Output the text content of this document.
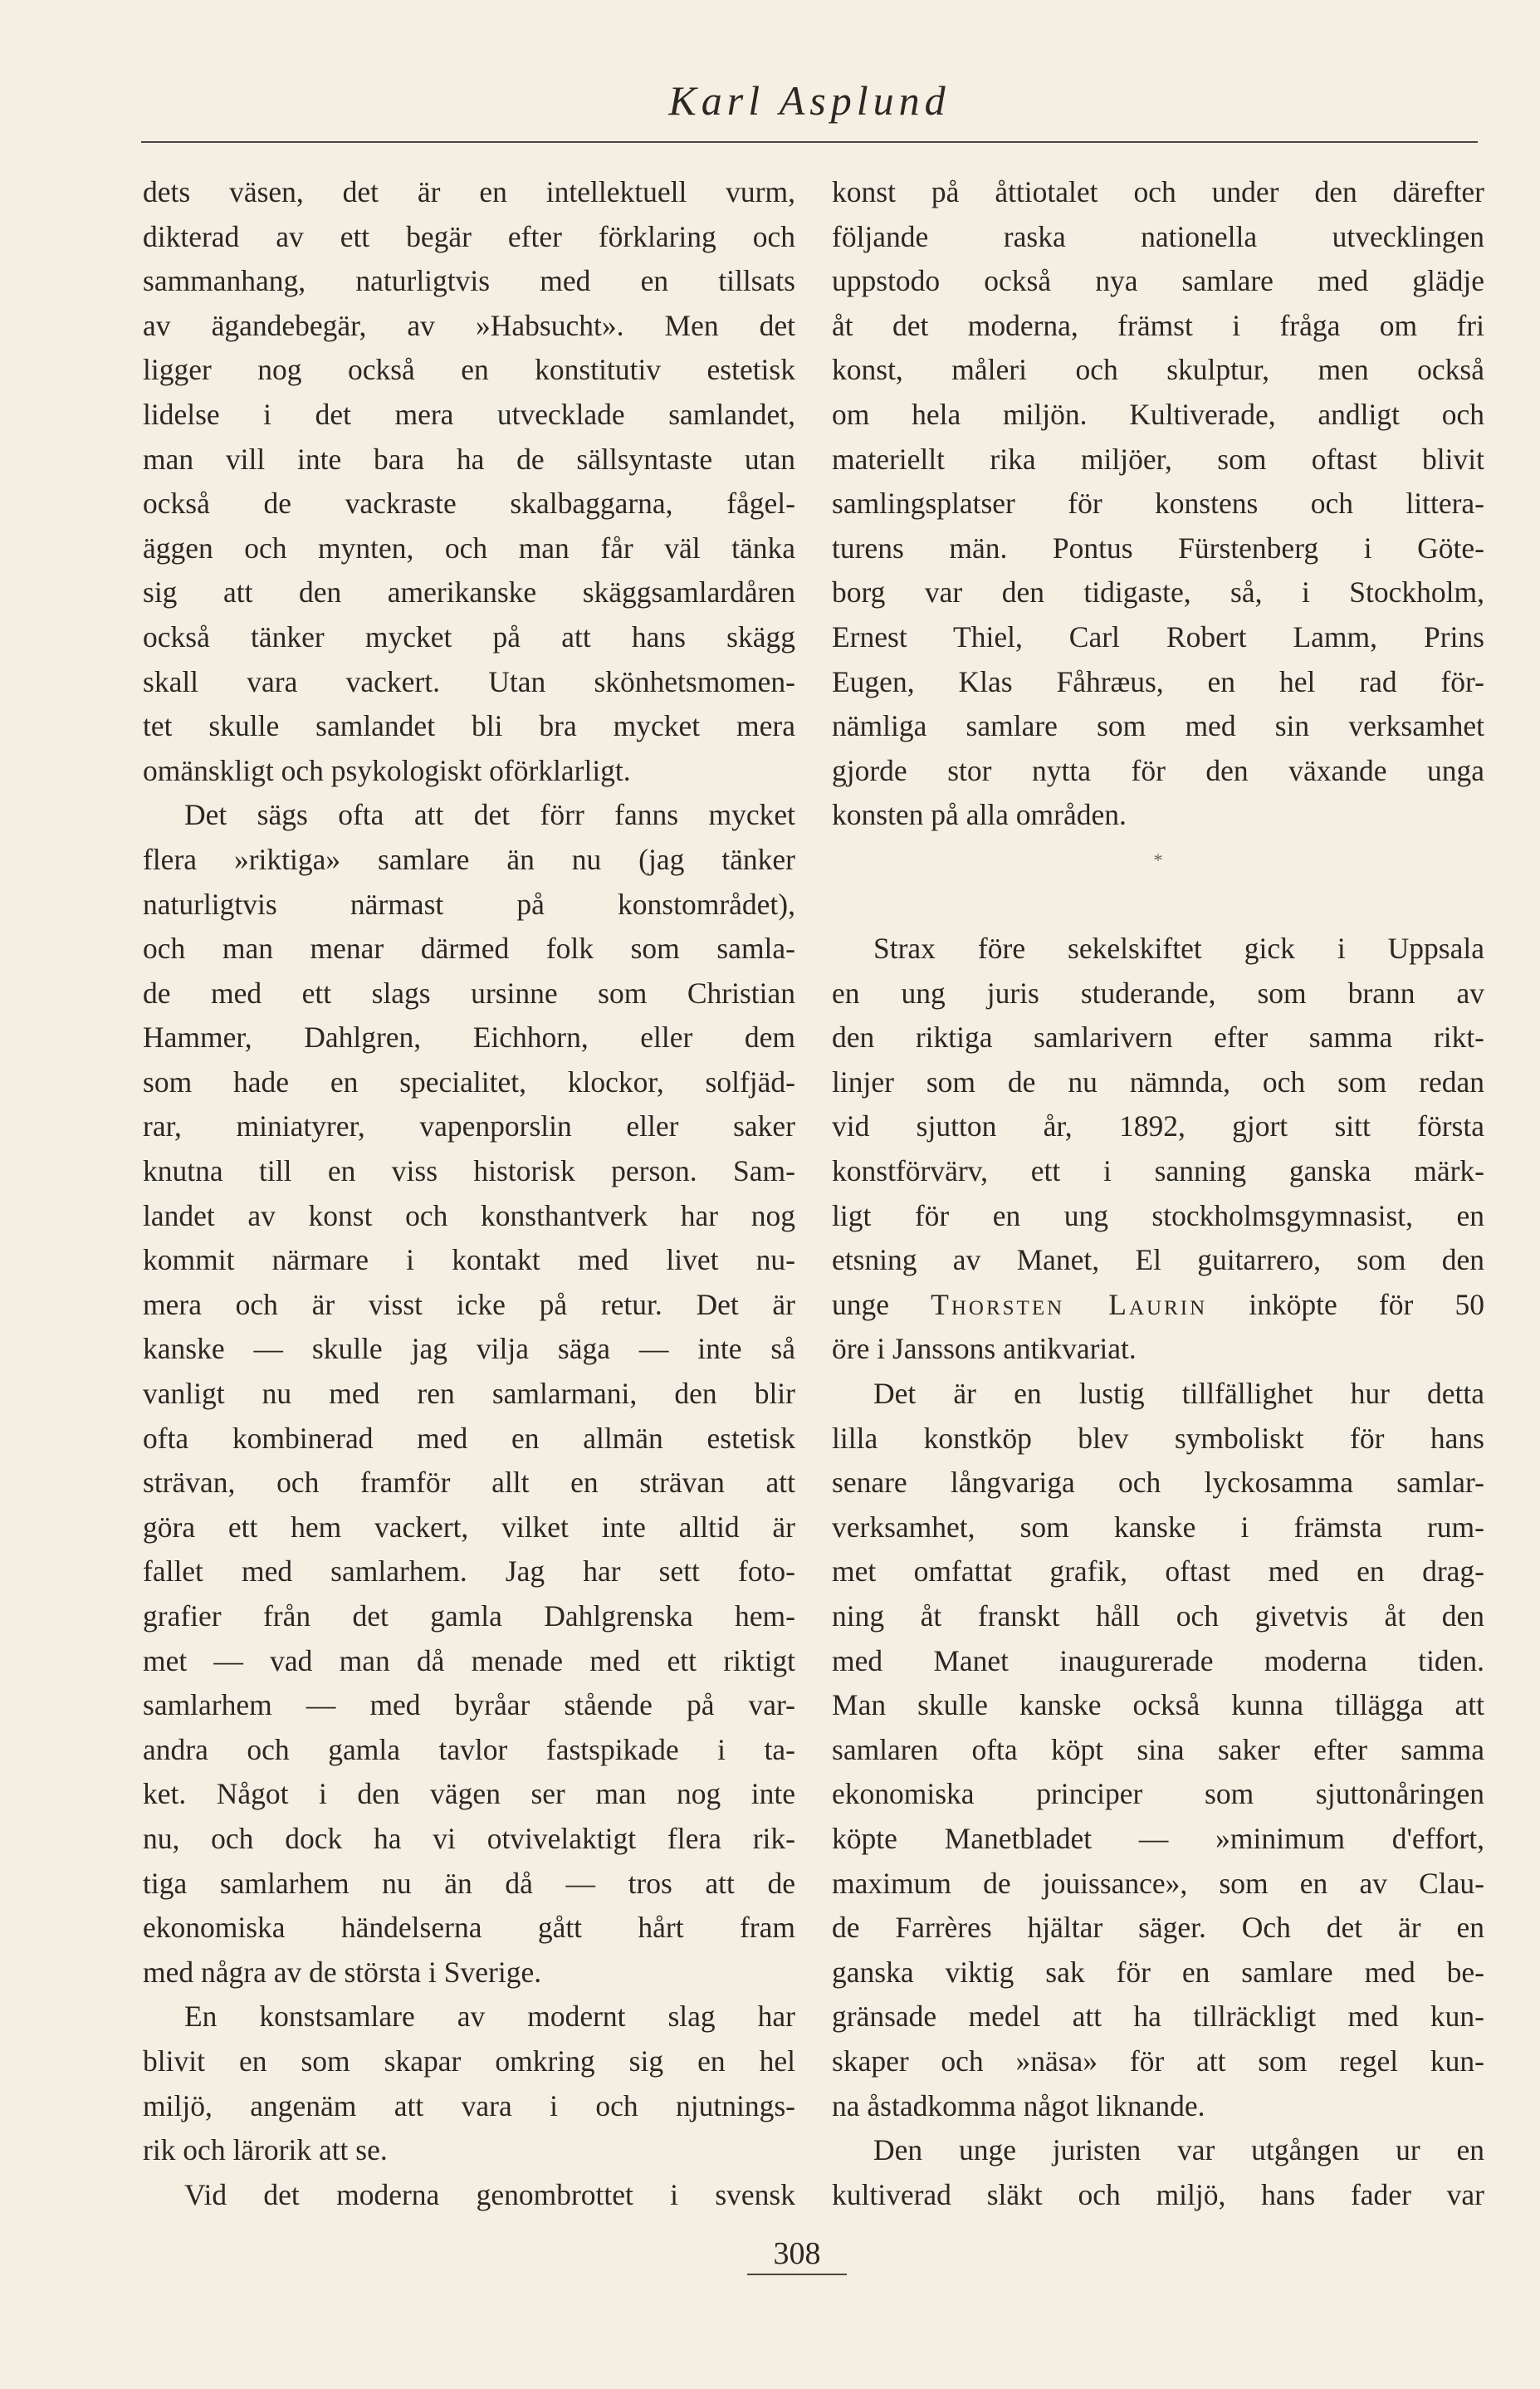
Karl Asplund
dets väsen, det är en intellektuell vurm,
dikterad av ett begär efter förklaring och
sammanhang, naturligtvis med en tillsats
av ägandebegär, av »Habsucht». Men det
ligger nog också en konstitutiv estetisk
lidelse i det mera utvecklade samlandet,
man vill inte bara ha de sällsyntaste utan
också de vackraste skalbaggarna, fågel-
äggen och mynten, och man får väl tänka
sig att den amerikanske skäggsamlardåren
också tänker mycket på att hans skägg
skall vara vackert. Utan skönhetsmomen-
tet skulle samlandet bli bra mycket mera
omänskligt och psykologiskt oförklarligt.
Det sägs ofta att det förr fanns mycket
flera »riktiga» samlare än nu (jag tänker
naturligtvis närmast på konstområdet),
och man menar därmed folk som samla-
de med ett slags ursinne som Christian
Hammer, Dahlgren, Eichhorn, eller dem
som hade en specialitet, klockor, solfjäd-
rar, miniatyrer, vapenporslin eller saker
knutna till en viss historisk person. Sam-
landet av konst och konsthantverk har nog
kommit närmare i kontakt med livet nu-
mera och är visst icke på retur. Det är
kanske — skulle jag vilja säga — inte så
vanligt nu med ren samlarmani, den blir
ofta kombinerad med en allmän estetisk
strävan, och framför allt en strävan att
göra ett hem vackert, vilket inte alltid är
fallet med samlarhem. Jag har sett foto-
grafier från det gamla Dahlgrenska hem-
met — vad man då menade med ett riktigt
samlarhem — med byråar stående på var-
andra och gamla tavlor fastspikade i ta-
ket. Något i den vägen ser man nog inte
nu, och dock ha vi otvivelaktigt flera rik-
tiga samlarhem nu än då — tros att de
ekonomiska händelserna gått hårt fram
med några av de största i Sverige.
En konstsamlare av modernt slag har
blivit en som skapar omkring sig en hel
miljö, angenäm att vara i och njutnings-
rik och lärorik att se.
Vid det moderna genombrottet i svensk
konst på åttiotalet och under den därefter
följande raska nationella utvecklingen
uppstodo också nya samlare med glädje
åt det moderna, främst i fråga om fri
konst, måleri och skulptur, men också
om hela miljön. Kultiverade, andligt och
materiellt rika miljöer, som oftast blivit
samlingsplatser för konstens och littera-
turens män. Pontus Fürstenberg i Göte-
borg var den tidigaste, så, i Stockholm,
Ernest Thiel, Carl Robert Lamm, Prins
Eugen, Klas Fåhræus, en hel rad för-
nämliga samlare som med sin verksamhet
gjorde stor nytta för den växande unga
konsten på alla områden.
*
Strax före sekelskiftet gick i Uppsala
en ung juris studerande, som brann av
den riktiga samlarivern efter samma rikt-
linjer som de nu nämnda, och som redan
vid sjutton år, 1892, gjort sitt första
konstförvärv, ett i sanning ganska märk-
ligt för en ung stockholmsgymnasist, en
etsning av Manet, El guitarrero, som den
unge Thorsten Laurin inköpte för 50
öre i Janssons antikvariat.
Det är en lustig tillfällighet hur detta
lilla konstköp blev symboliskt för hans
senare långvariga och lyckosamma samlar-
verksamhet, som kanske i främsta rum-
met omfattat grafik, oftast med en drag-
ning åt franskt håll och givetvis åt den
med Manet inaugurerade moderna tiden.
Man skulle kanske också kunna tillägga att
samlaren ofta köpt sina saker efter samma
ekonomiska principer som sjuttonåringen
köpte Manetbladet — »minimum d'effort,
maximum de jouissance», som en av Clau-
de Farrères hjältar säger. Och det är en
ganska viktig sak för en samlare med be-
gränsade medel att ha tillräckligt med kun-
skaper och »näsa» för att som regel kun-
na åstadkomma något liknande.
Den unge juristen var utgången ur en
kultiverad släkt och miljö, hans fader var
308
